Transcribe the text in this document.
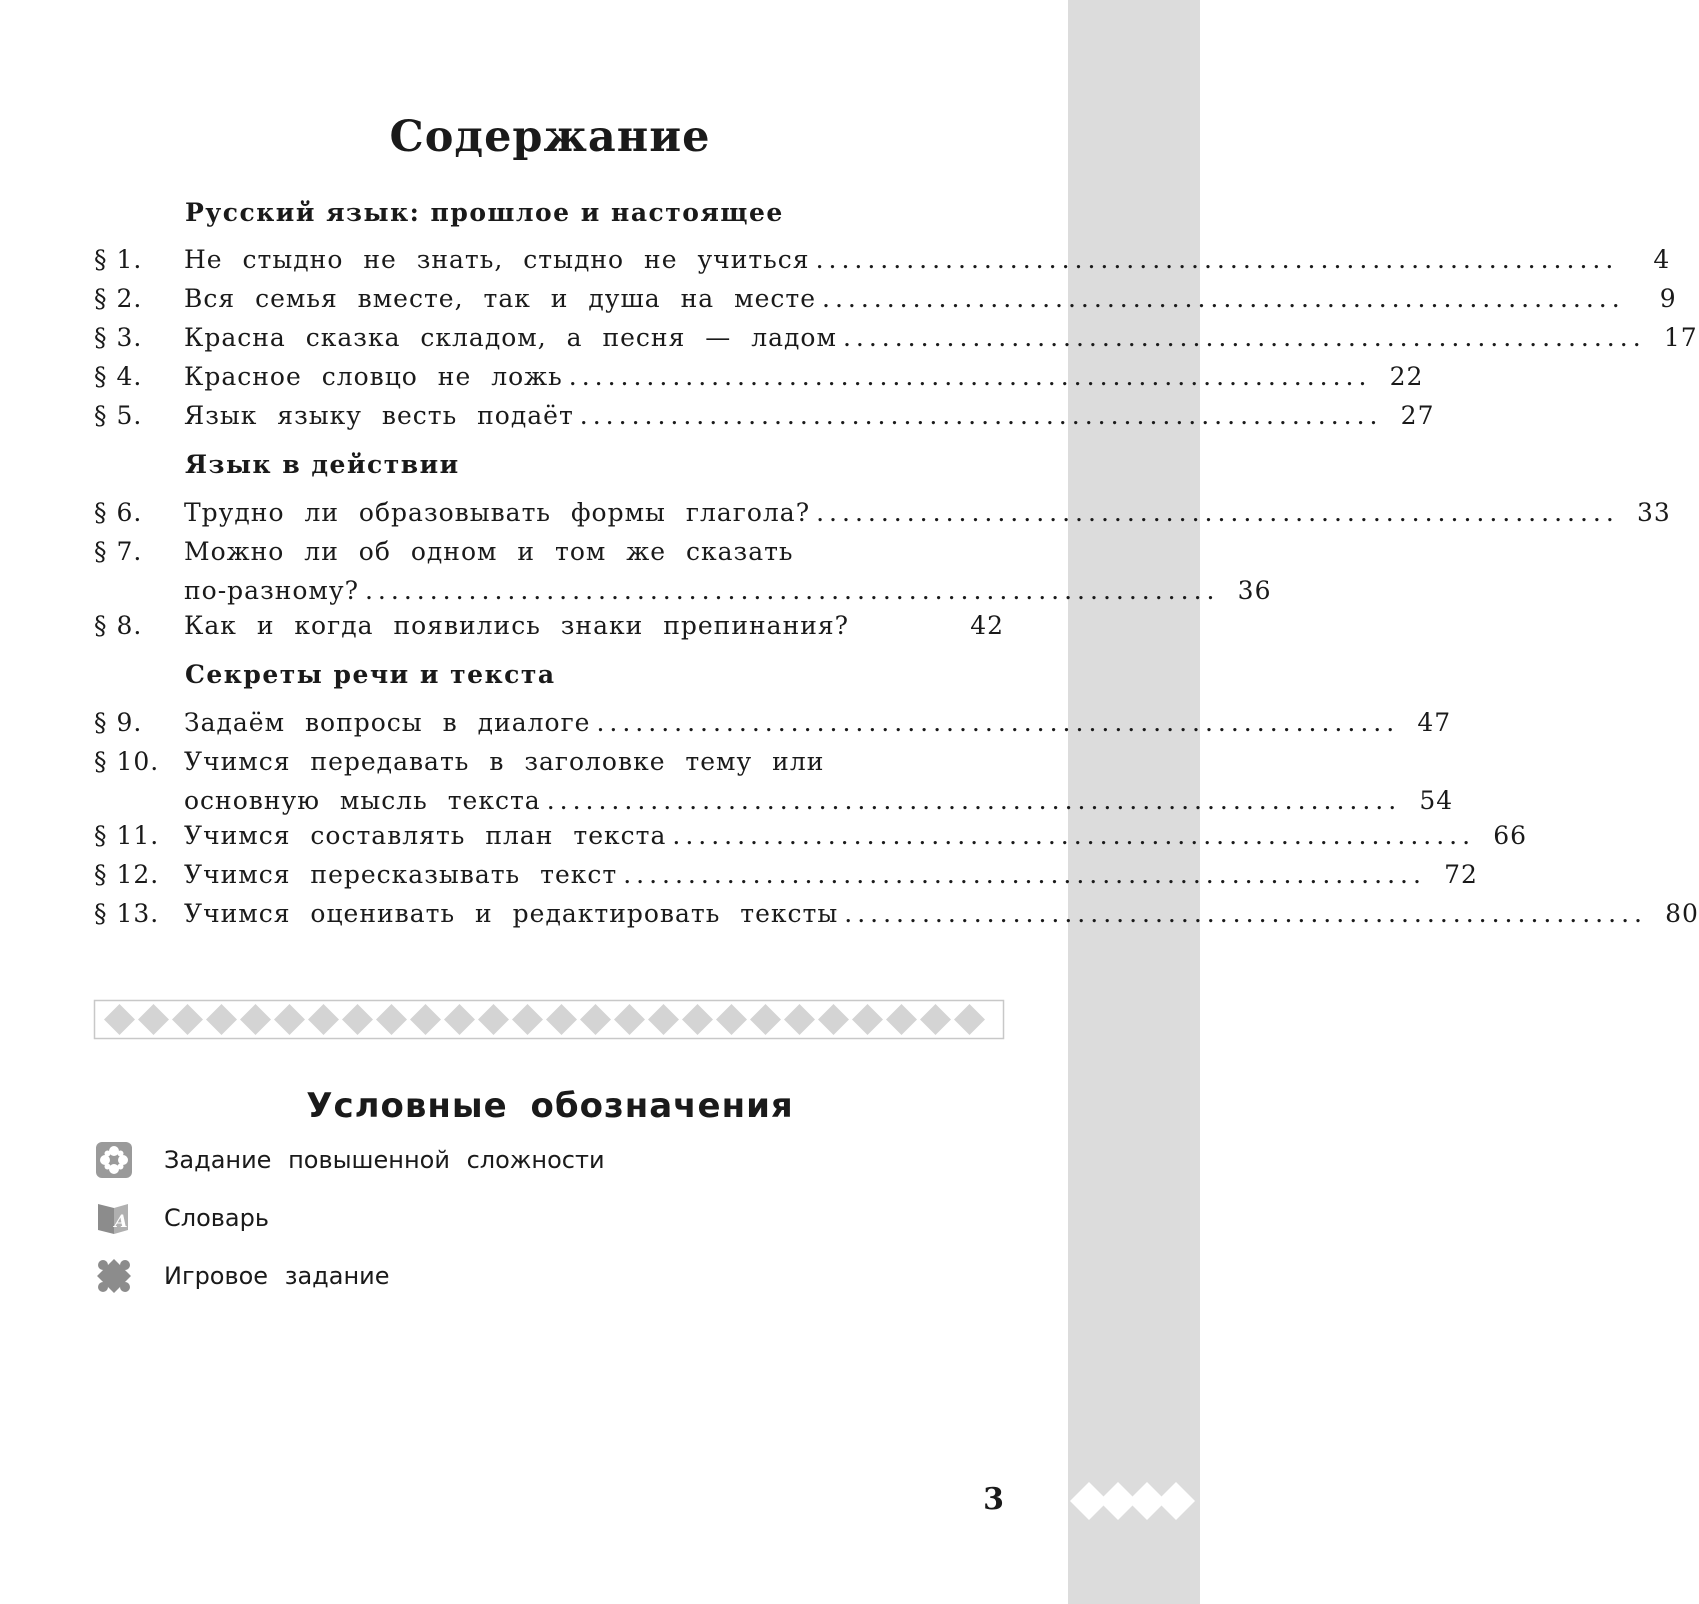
Содержание
Русский язык: прошлое и настоящее
§ 1.	Не стыдно не знать, стыдно не учиться ..............................................................	4
§ 2.	Вся семья вместе, так и душа на месте ..............................................................	9
§ 3.	Красна сказка складом, а песня — ладом .............................................................. 17
§ 4.	Красное словцо не ложь .............................................................. 22
§ 5.	Язык языку весть подаёт .............................................................. 27
Язык в действии
§ 6.	Трудно ли образовывать формы глагола? .............................................................. 33
§ 7.	Можно ли об одном и том же сказать
по-разному? .................................................................. 36
§ 8.	Как и когда появились знаки препинания?	42
Секреты речи и текста
§ 9.	Задаём вопросы в диалоге .............................................................. 47
§ 10. Учимся передавать в заголовке тему или
основную мысль текста .................................................................. 54
§ 11. Учимся составлять план текста .............................................................. 66
§ 12. Учимся пересказывать текст .............................................................. 72
§ 13. Учимся оценивать и редактировать тексты .............................................................. 80
Условные обозначения
Задание повышенной сложности
A Словарь
Игровое задание
3
